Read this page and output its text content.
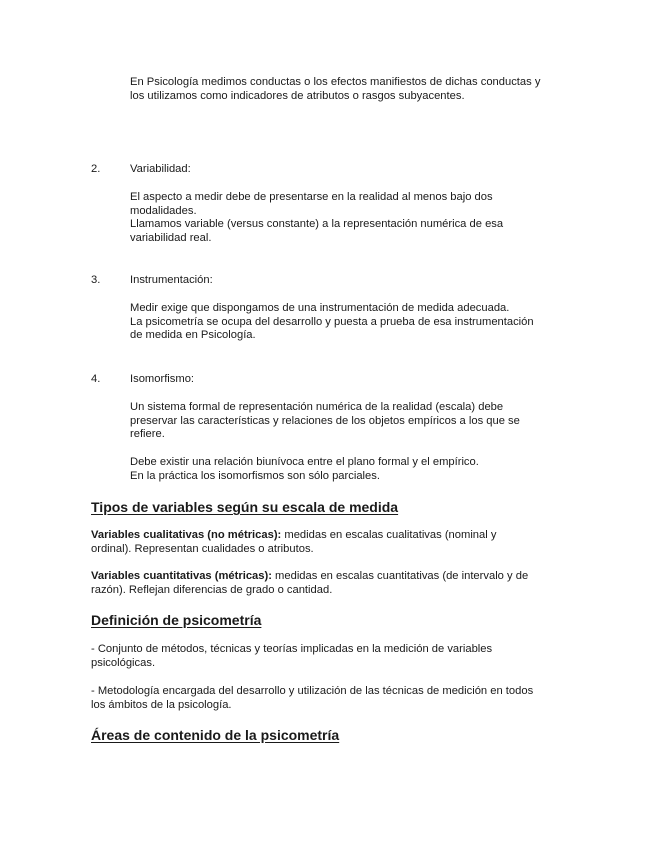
En Psicología medimos conductas o los efectos manifiestos de dichas conductas y
los utilizamos como indicadores de atributos o rasgos subyacentes.

2.	Variabilidad:

El aspecto a medir debe de presentarse en la realidad al menos bajo dos
modalidades.
Llamamos variable (versus constante) a la representación numérica de esa
variabilidad real.

3.	Instrumentación:

Medir exige que dispongamos de una instrumentación de medida adecuada.
La psicometría se ocupa del desarrollo y puesta a prueba de esa instrumentación
de medida en Psicología.

4.	Isomorfismo:

Un sistema formal de representación numérica de la realidad (escala) debe
preservar las características y relaciones de los objetos empíricos a los que se
refiere.

Debe existir una relación biunívoca entre el plano formal y el empírico.
En la práctica los isomorfismos son sólo parciales.

Tipos de variables según su escala de medida

Variables cualitativas (no métricas): medidas en escalas cualitativas (nominal y
ordinal). Representan cualidades o atributos.

Variables cuantitativas (métricas): medidas en escalas cuantitativas (de intervalo y de
razón). Reflejan diferencias de grado o cantidad.

Definición de psicometría

- Conjunto de métodos, técnicas y teorías implicadas en la medición de variables
psicológicas.

- Metodología encargada del desarrollo y utilización de las técnicas de medición en todos
los ámbitos de la psicología.

Áreas de contenido de la psicometría
